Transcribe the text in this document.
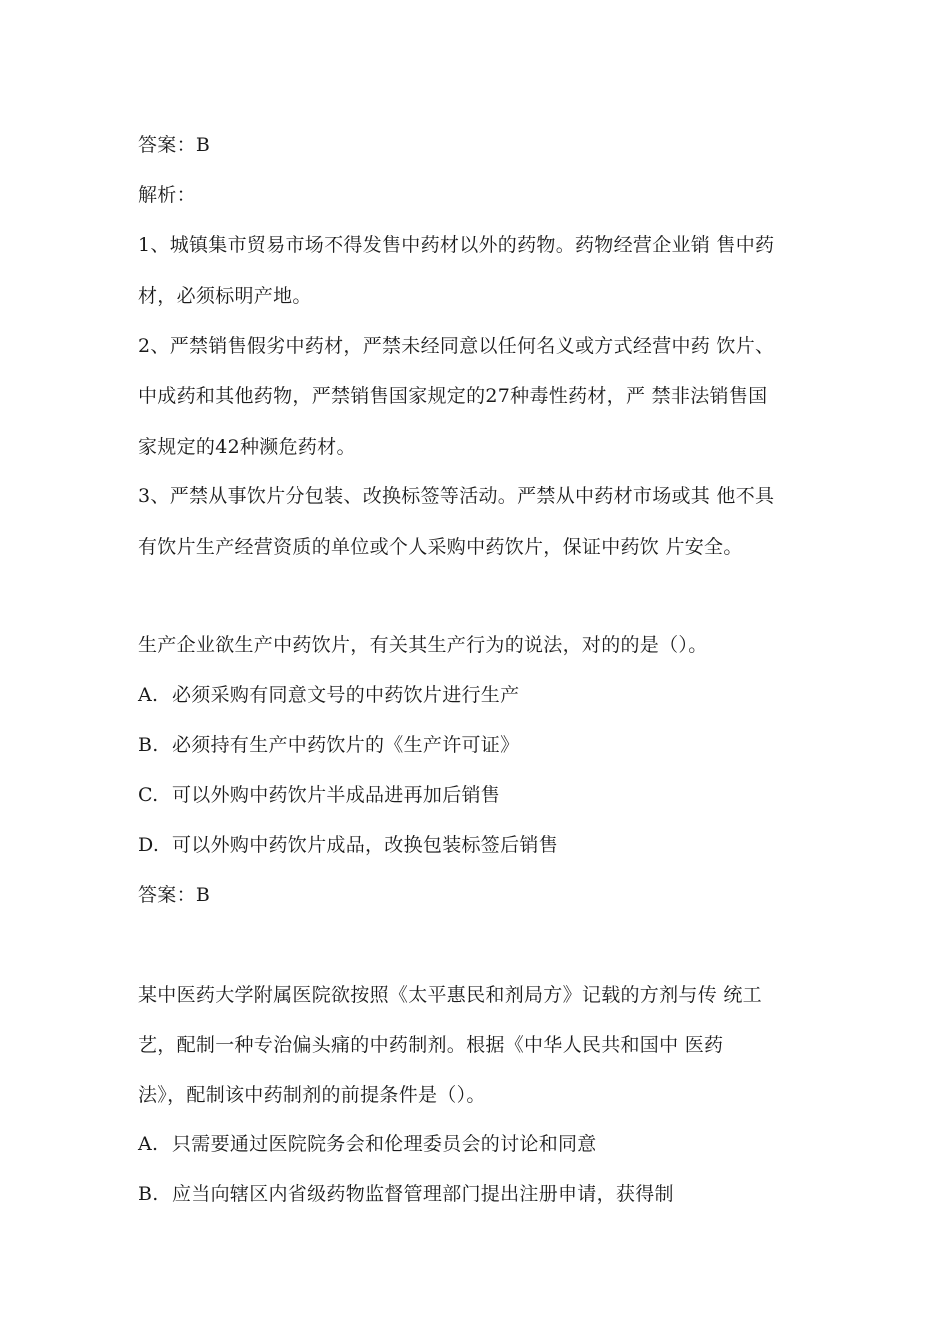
答案：B
解析：
1、城镇集市贸易市场不得发售中药材以外的药物。药物经营企业销 售中药
材，必须标明产地。
2、严禁销售假劣中药材，严禁未经同意以任何名义或方式经营中药 饮片、
中成药和其他药物，严禁销售国家规定的27种毒性药材，严 禁非法销售国
家规定的42种濒危药材。
3、严禁从事饮片分包装、改换标签等活动。严禁从中药材市场或其 他不具
有饮片生产经营资质的单位或个人采购中药饮片，保证中药饮 片安全。
生产企业欲生产中药饮片，有关其生产行为的说法，对的的是（）。
A. 必须采购有同意文号的中药饮片进行生产
B. 必须持有生产中药饮片的《生产许可证》
C. 可以外购中药饮片半成品进再加后销售
D. 可以外购中药饮片成品，改换包装标签后销售
答案：B
某中医药大学附属医院欲按照《太平惠民和剂局方》记载的方剂与传 统工
艺，配制一种专治偏头痛的中药制剂。根据《中华人民共和国中 医药
法》，配制该中药制剂的前提条件是（）。
A. 只需要通过医院院务会和伦理委员会的讨论和同意
B. 应当向辖区内省级药物监督管理部门提出注册申请，获得制
